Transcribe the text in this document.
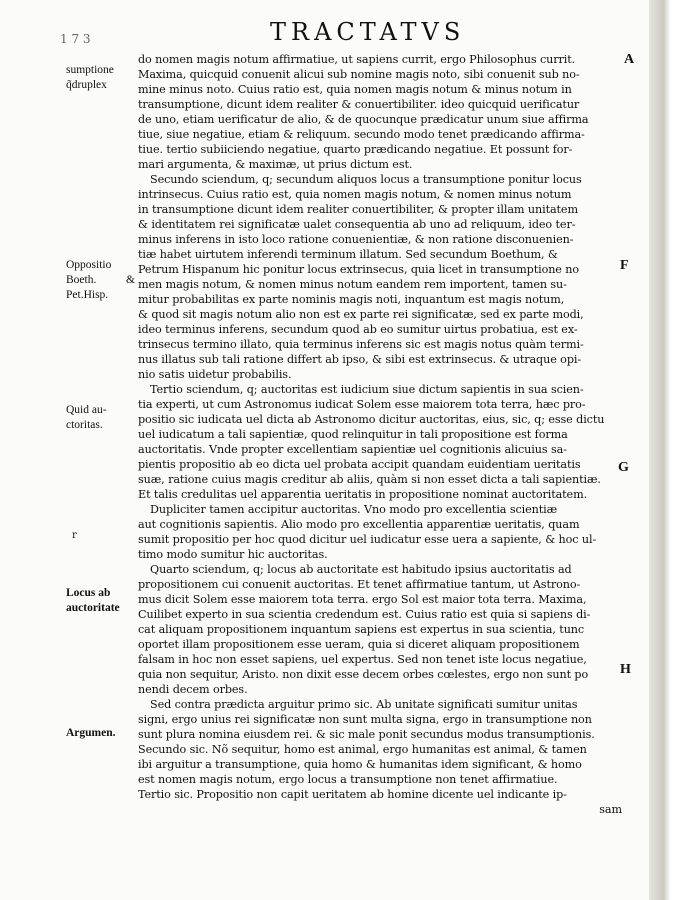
1 7 3	TRACTATVS
A
F
G
H
sumptione
q̃druplex
Oppositio
Boeth.
Pet.Hisp.
&
Quid au-
ctoritas.
r
Locus ab
auctoritate
Argumen.
do nomen magis notum affirmatiue, ut sapiens currit, ergo Philosophus currit.
Maxima, quicquid conuenit alicui sub nomine magis noto, sibi conuenit sub no-
mine minus noto. Cuius ratio est, quia nomen magis notum & minus notum in
transumptione, dicunt idem realiter & conuertibiliter. ideo quicquid uerificatur
de uno, etiam uerificatur de alio, & de quocunque prædicatur unum siue affirma
tiue, siue negatiue, etiam & reliquum. secundo modo tenet prædicando affirma-
tiue. tertio subiiciendo negatiue, quarto prædicando negatiue. Et possunt for-
mari argumenta, & maximæ, ut prius dictum est.
Secundo sciendum, q; secundum aliquos locus a transumptione ponitur locus
intrinsecus. Cuius ratio est, quia nomen magis notum, & nomen minus notum
in transumptione dicunt idem realiter conuertibiliter, & propter illam unitatem
& identitatem rei significatæ ualet consequentia ab uno ad reliquum, ideo ter-
minus inferens in isto loco ratione conuenientiæ, & non ratione disconuenien-
tiæ habet uirtutem inferendi terminum illatum. Sed secundum Boethum, &
Petrum Hispanum hic ponitur locus extrinsecus, quia licet in transumptione no
men magis notum, & nomen minus notum eandem rem importent, tamen su-
mitur probabilitas ex parte nominis magis noti, inquantum est magis notum,
& quod sit magis notum alio non est ex parte rei significatæ, sed ex parte modi,
ideo terminus inferens, secundum quod ab eo sumitur uirtus probatiua, est ex-
trinsecus termino illato, quia terminus inferens sic est magis notus quàm termi-
nus illatus sub tali ratione differt ab ipso, & sibi est extrinsecus. & utraque opi-
nio satis uidetur probabilis.
Tertio sciendum, q; auctoritas est iudicium siue dictum sapientis in sua scien-
tia experti, ut cum Astronomus iudicat Solem esse maiorem tota terra, hæc pro-
positio sic iudicata uel dicta ab Astronomo dicitur auctoritas, eius, sic, q; esse dictu
uel iudicatum a tali sapientiæ, quod relinquitur in tali propositione est forma
auctoritatis. Vnde propter excellentiam sapientiæ uel cognitionis alicuius sa-
pientis propositio ab eo dicta uel probata accipit quandam euidentiam ueritatis
suæ, ratione cuius magis creditur ab aliis, quàm si non esset dicta a tali sapientiæ.
Et talis credulitas uel apparentia ueritatis in propositione nominat auctoritatem.
Dupliciter tamen accipitur auctoritas. Vno modo pro excellentia scientiæ
aut cognitionis sapientis. Alio modo pro excellentia apparentiæ ueritatis, quam
sumit propositio per hoc quod dicitur uel iudicatur esse uera a sapiente, & hoc ul-
timo modo sumitur hic auctoritas.
Quarto sciendum, q; locus ab auctoritate est habitudo ipsius auctoritatis ad
propositionem cui conuenit auctoritas. Et tenet affirmatiue tantum, ut Astrono-
mus dicit Solem esse maiorem tota terra. ergo Sol est maior tota terra. Maxima,
Cuilibet experto in sua scientia credendum est. Cuius ratio est quia si sapiens di-
cat aliquam propositionem inquantum sapiens est expertus in sua scientia, tunc
oportet illam propositionem esse ueram, quia si diceret aliquam propositionem
falsam in hoc non esset sapiens, uel expertus. Sed non tenet iste locus negatiue,
quia non sequitur, Aristo. non dixit esse decem orbes cœlestes, ergo non sunt po
nendi decem orbes.
Sed contra prædicta arguitur primo sic. Ab unitate significati sumitur unitas
signi, ergo unius rei significatæ non sunt multa signa, ergo in transumptione non
sunt plura nomina eiusdem rei. & sic male ponit secundus modus transumptionis.
Secundo sic. Nõ sequitur, homo est animal, ergo humanitas est animal, & tamen
ibi arguitur a transumptione, quia homo & humanitas idem significant, & homo
est nomen magis notum, ergo locus a transumptione non tenet affirmatiue.
Tertio sic. Propositio non capit ueritatem ab homine dicente uel indicante ip-
sam
